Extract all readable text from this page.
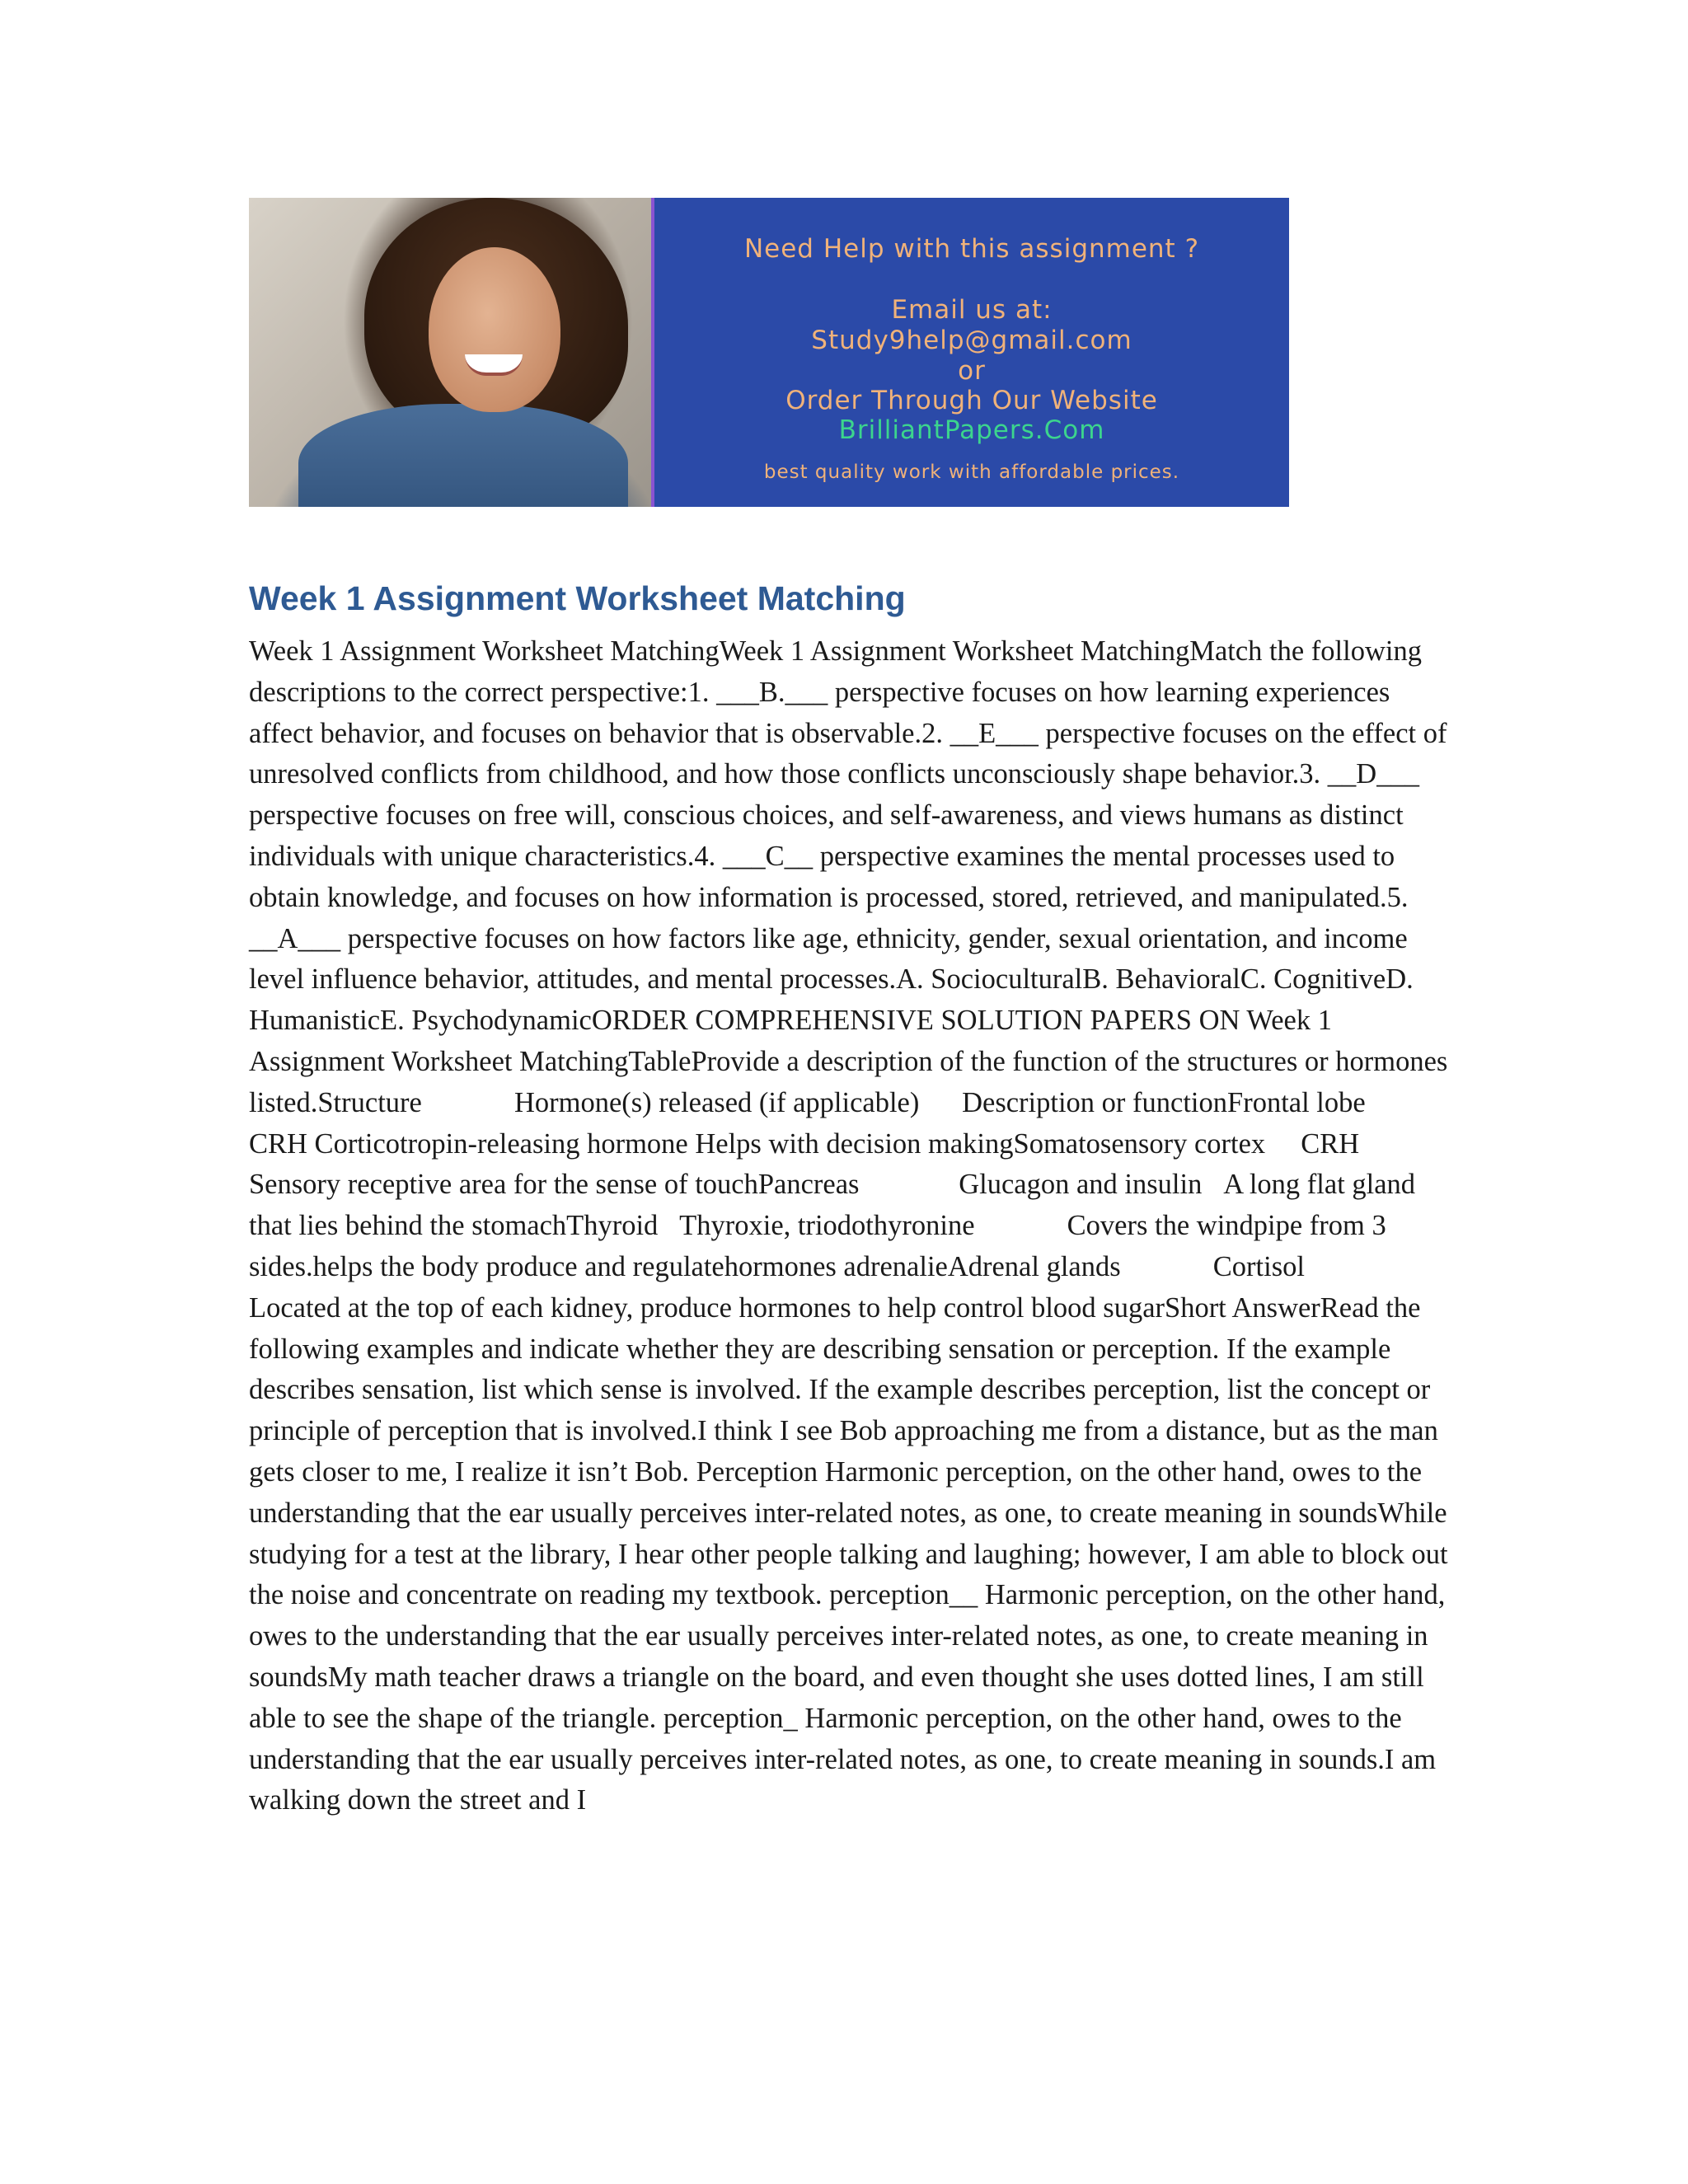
Need Help with this assignment ?
Email us at:
Study9help@gmail.com
or
Order Through Our Website
BrilliantPapers.Com
best quality work with affordable prices.
Week 1 Assignment Worksheet Matching

Week 1 Assignment Worksheet MatchingWeek 1 Assignment Worksheet MatchingMatch the following descriptions to the correct perspective:1. ___B.___ perspective focuses on how learning experiences affect behavior, and focuses on behavior that is observable.2. __E___ perspective focuses on the effect of unresolved conflicts from childhood, and how those conflicts unconsciously shape behavior.3. __D___ perspective focuses on free will, conscious choices, and self-awareness, and views humans as distinct individuals with unique characteristics.4. ___C__ perspective examines the mental processes used to obtain knowledge, and focuses on how information is processed, stored, retrieved, and manipulated.5. __A___ perspective focuses on how factors like age, ethnicity, gender, sexual orientation, and income level influence behavior, attitudes, and mental processes.A. SocioculturalB. BehavioralC. CognitiveD. HumanisticE. PsychodynamicORDER COMPREHENSIVE SOLUTION PAPERS ON Week 1 Assignment Worksheet MatchingTableProvide a description of the function of the structures or hormones listed.Structure    Hormone(s) released (if applicable)   Description or functionFrontal lobe   CRH Corticotropin-releasing hormone Helps with decision makingSomatosensory cortex  CRH   Sensory receptive area for the sense of touchPancreas     Glucagon and insulin  A long flat gland that lies behind the stomachThyroid  Thyroxie, triodothyronine    Covers the windpipe from 3 sides.helps the body produce and regulatehormones adrenalieAdrenal glands    Cortisol     Located at the top of each kidney, produce hormones to help control blood sugarShort AnswerRead the following examples and indicate whether they are describing sensation or perception. If the example describes sensation, list which sense is involved. If the example describes perception, list the concept or principle of perception that is involved.I think I see Bob approaching me from a distance, but as the man gets closer to me, I realize it isn’t Bob. Perception Harmonic perception, on the other hand, owes to the understanding that the ear usually perceives inter-related notes, as one, to create meaning in soundsWhile studying for a test at the library, I hear other people talking and laughing; however, I am able to block out the noise and concentrate on reading my textbook. perception__ Harmonic perception, on the other hand, owes to the understanding that the ear usually perceives inter-related notes, as one, to create meaning in soundsMy math teacher draws a triangle on the board, and even thought she uses dotted lines, I am still able to see the shape of the triangle. perception_ Harmonic perception, on the other hand, owes to the understanding that the ear usually perceives inter-related notes, as one, to create meaning in sounds.I am walking down the street and I
